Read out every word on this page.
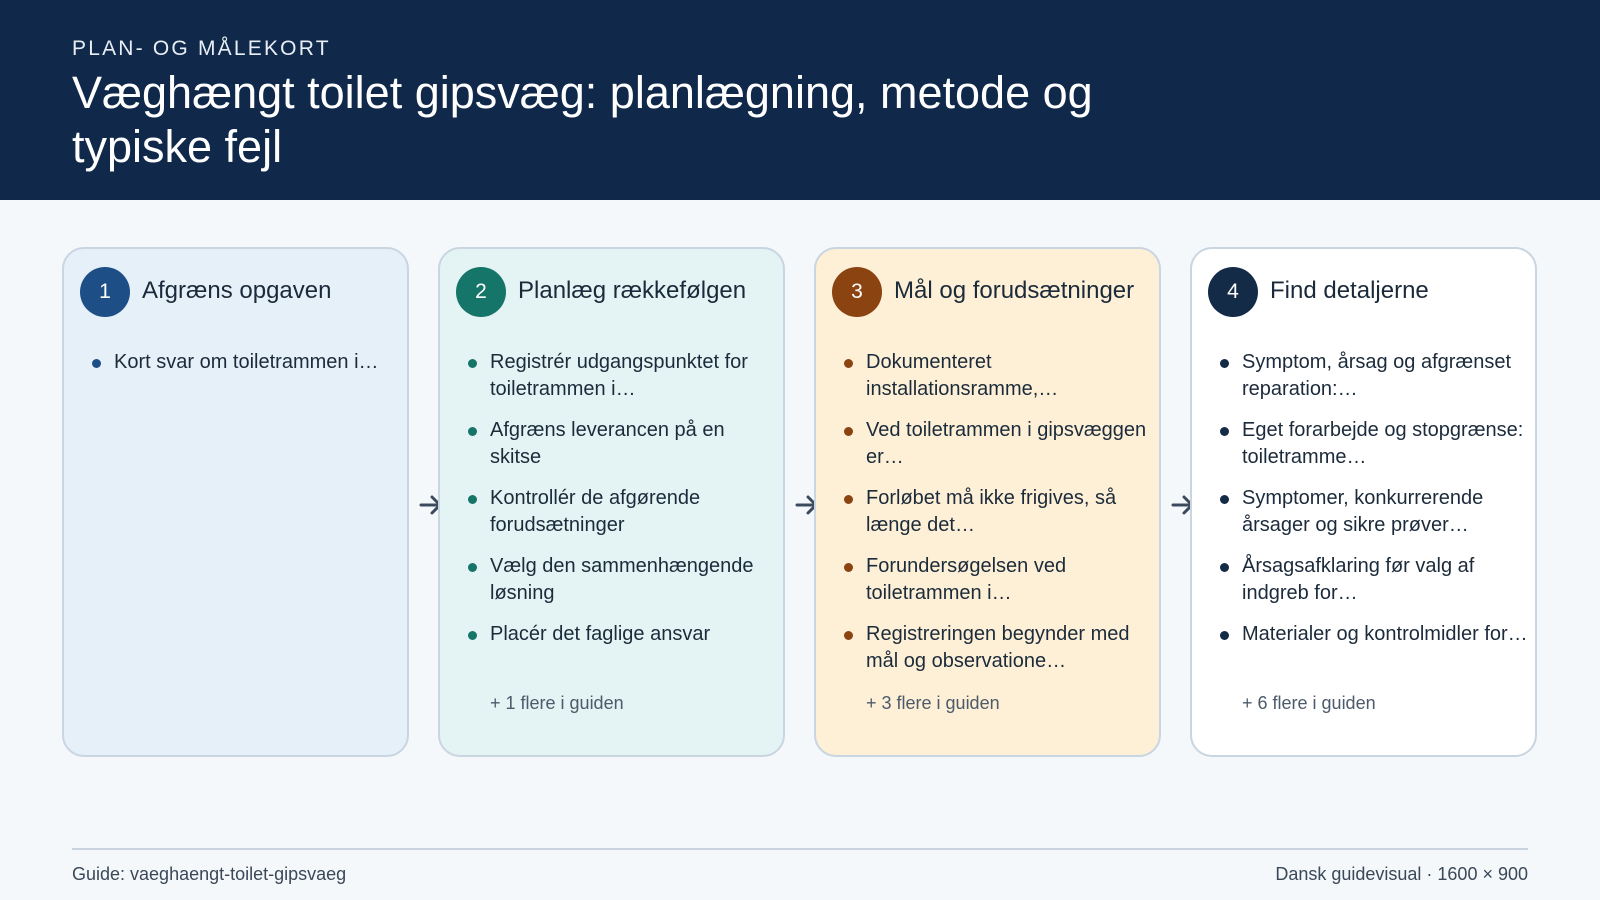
PLAN- OG MÅLEKORT
Væghængt toilet gipsvæg: planlægning, metode og typiske fejl
1	Afgræns opgaven
Kort svar om toiletrammen i…
2	Planlæg rækkefølgen
Registrér udgangspunktet for toiletrammen i…
Afgræns leverancen på en skitse
Kontrollér de afgørende forudsætninger
Vælg den sammenhængende løsning
Placér det faglige ansvar
+ 1 flere i guiden
3	Mål og forudsætninger
Dokumenteret installationsramme,…
Ved toiletrammen i gipsvæggen er…
Forløbet må ikke frigives, så længe det…
Forundersøgelsen ved toiletrammen i…
Registreringen begynder med mål og observatione…
+ 3 flere i guiden
4	Find detaljerne
Symptom, årsag og afgrænset reparation:…
Eget forarbejde og stopgrænse: toiletramme…
Symptomer, konkurrerende årsager og sikre prøver…
Årsagsafklaring før valg af indgreb for…
Materialer og kontrolmidler for…
+ 6 flere i guiden
Guide: vaeghaengt-toilet-gipsvaeg	Dansk guidevisual · 1600 × 900
